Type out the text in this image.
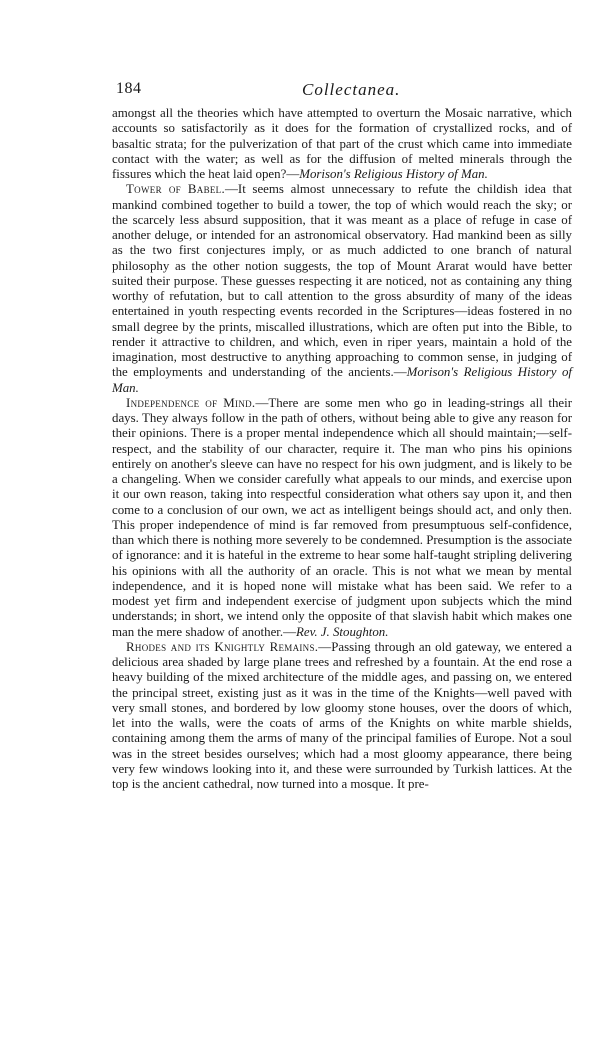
184	Collectanea.

amongst all the theories which have attempted to overturn the Mosaic narrative, which accounts so satisfactorily as it does for the formation of crystallized rocks, and of basaltic strata; for the pulverization of that part of the crust which came into immediate contact with the water; as well as for the diffusion of melted minerals through the fissures which the heat laid open?—Morison's Religious History of Man.

Tower of Babel.—It seems almost unnecessary to refute the childish idea that mankind combined together to build a tower, the top of which would reach the sky; or the scarcely less absurd supposition, that it was meant as a place of refuge in case of another deluge, or intended for an astronomical observatory. Had mankind been as silly as the two first conjectures imply, or as much addicted to one branch of natural philosophy as the other notion suggests, the top of Mount Ararat would have better suited their purpose. These guesses respecting it are noticed, not as containing any thing worthy of refutation, but to call attention to the gross absurdity of many of the ideas entertained in youth respecting events recorded in the Scriptures—ideas fostered in no small degree by the prints, miscalled illustrations, which are often put into the Bible, to render it attractive to children, and which, even in riper years, maintain a hold of the imagination, most destructive to anything approaching to common sense, in judging of the employments and understanding of the ancients.—Morison's Religious History of Man.

Independence of Mind.—There are some men who go in leading-strings all their days. They always follow in the path of others, without being able to give any reason for their opinions. There is a proper mental independence which all should maintain;—self-respect, and the stability of our character, require it. The man who pins his opinions entirely on another's sleeve can have no respect for his own judgment, and is likely to be a changeling. When we consider carefully what appeals to our minds, and exercise upon it our own reason, taking into respectful consideration what others say upon it, and then come to a conclusion of our own, we act as intelligent beings should act, and only then. This proper independence of mind is far removed from presumptuous self-confidence, than which there is nothing more severely to be condemned. Presumption is the associate of ignorance: and it is hateful in the extreme to hear some half-taught stripling delivering his opinions with all the authority of an oracle. This is not what we mean by mental independence, and it is hoped none will mistake what has been said. We refer to a modest yet firm and independent exercise of judgment upon subjects which the mind understands; in short, we intend only the opposite of that slavish habit which makes one man the mere shadow of another.—Rev. J. Stoughton.

Rhodes and its Knightly Remains.—Passing through an old gateway, we entered a delicious area shaded by large plane trees and refreshed by a fountain. At the end rose a heavy building of the mixed architecture of the middle ages, and passing on, we entered the principal street, existing just as it was in the time of the Knights—well paved with very small stones, and bordered by low gloomy stone houses, over the doors of which, let into the walls, were the coats of arms of the Knights on white marble shields, containing among them the arms of many of the principal families of Europe. Not a soul was in the street besides ourselves; which had a most gloomy appearance, there being very few windows looking into it, and these were surrounded by Turkish lattices. At the top is the ancient cathedral, now turned into a mosque. It pre-
